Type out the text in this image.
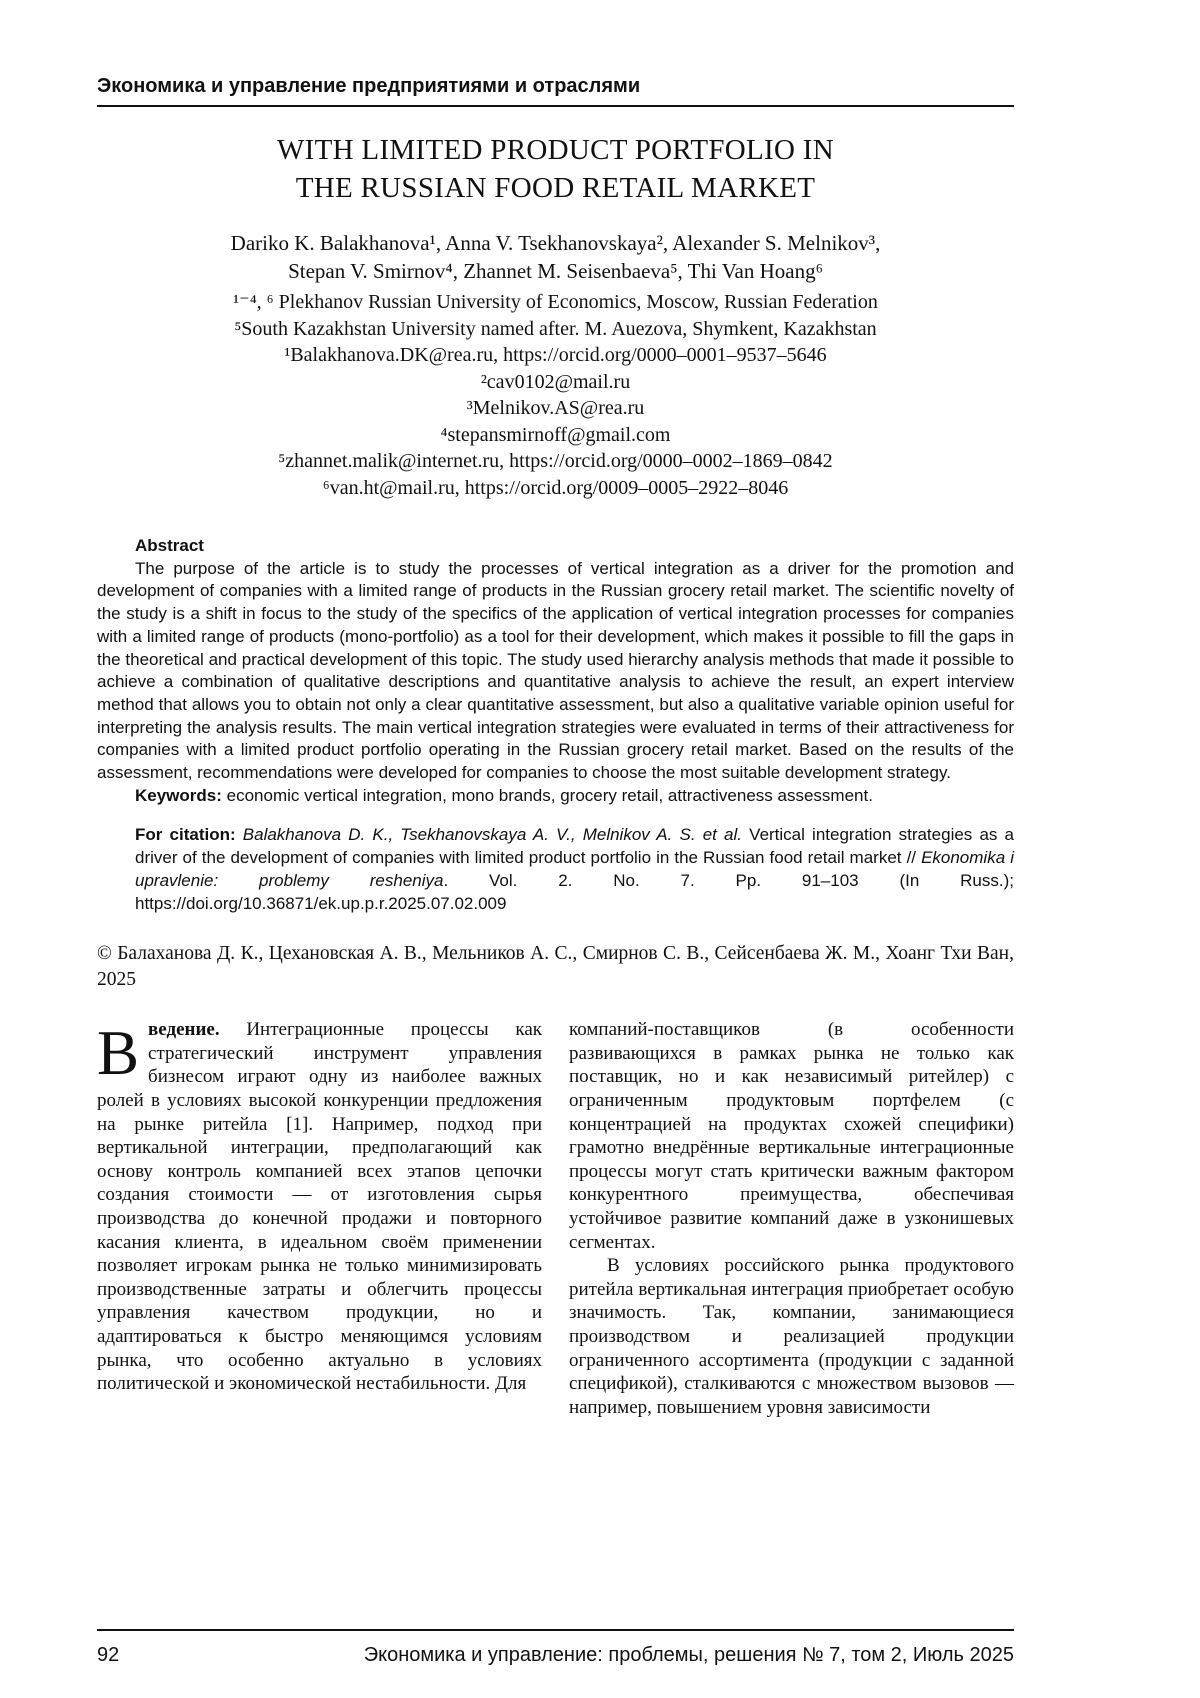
Экономика и управление предприятиями и отраслями
WITH LIMITED PRODUCT PORTFOLIO IN
THE RUSSIAN FOOD RETAIL MARKET
Dariko K. Balakhanova¹, Anna V. Tsekhanovskaya², Alexander S. Melnikov³,
Stepan V. Smirnov⁴, Zhannet M. Seisenbaeva⁵, Thi Van Hoang⁶
¹⁻⁴, ⁶ Plekhanov Russian University of Economics, Moscow, Russian Federation
⁵South Kazakhstan University named after. M. Auezova, Shymkent, Kazakhstan
¹Balakhanova.DK@rea.ru, https://orcid.org/0000–0001–9537–5646
²cav0102@mail.ru
³Melnikov.AS@rea.ru
⁴stepansmirnoff@gmail.com
⁵zhannet.malik@internet.ru, https://orcid.org/0000–0002–1869–0842
⁶van.ht@mail.ru, https://orcid.org/0009–0005–2922–8046
Abstract

The purpose of the article is to study the processes of vertical integration as a driver for the promotion and development of companies with a limited range of products in the Russian grocery retail market. The scientific novelty of the study is a shift in focus to the study of the specifics of the application of vertical integration processes for companies with a limited range of products (mono-portfolio) as a tool for their development, which makes it possible to fill the gaps in the theoretical and practical development of this topic. The study used hierarchy analysis methods that made it possible to achieve a combination of qualitative descriptions and quantitative analysis to achieve the result, an expert interview method that allows you to obtain not only a clear quantitative assessment, but also a qualitative variable opinion useful for interpreting the analysis results. The main vertical integration strategies were evaluated in terms of their attractiveness for companies with a limited product portfolio operating in the Russian grocery retail market. Based on the results of the assessment, recommendations were developed for companies to choose the most suitable development strategy.

Keywords: economic vertical integration, mono brands, grocery retail, attractiveness assessment.

For citation: Balakhanova D. K., Tsekhanovskaya A. V., Melnikov A. S. et al. Vertical integration strategies as a driver of the development of companies with limited product portfolio in the Russian food retail market // Ekonomika i upravlenie: problemy resheniya. Vol. 2. No. 7. Pp. 91–103 (In Russ.); https://doi.org/10.36871/ek.up.p.r.2025.07.02.009

© Балаханова Д. К., Цехановская А. В., Мельников А. С., Смирнов С. В., Сейсенбаева Ж. М., Хоанг Тхи Ван, 2025

Введение. Интеграционные процессы как стратегический инструмент управления бизнесом играют одну из наиболее важных ролей в условиях высокой конкуренции предложения на рынке ритейла [1]. Например, подход при вертикальной интеграции, предполагающий как основу контроль компанией всех этапов цепочки создания стоимости — от изготовления сырья производства до конечной продажи и повторного касания клиента, в идеальном своём применении позволяет игрокам рынка не только минимизировать производственные затраты и облегчить процессы управления качеством продукции, но и адаптироваться к быстро меняющимся условиям рынка, что особенно актуально в условиях политической и экономической нестабильности. Для

компаний-поставщиков (в особенности развивающихся в рамках рынка не только как поставщик, но и как независимый ритейлер) с ограниченным продуктовым портфелем (с концентрацией на продуктах схожей специфики) грамотно внедрённые вертикальные интеграционные процессы могут стать критически важным фактором конкурентного преимущества, обеспечивая устойчивое развитие компаний даже в узконишевых сегментах.

В условиях российского рынка продуктового ритейла вертикальная интеграция приобретает особую значимость. Так, компании, занимающиеся производством и реализацией продукции ограниченного ассортимента (продукции с заданной спецификой), сталкиваются с множеством вызовов — например, повышением уровня зависимости

92	Экономика и управление: проблемы, решения № 7, том 2, Июль 2025
